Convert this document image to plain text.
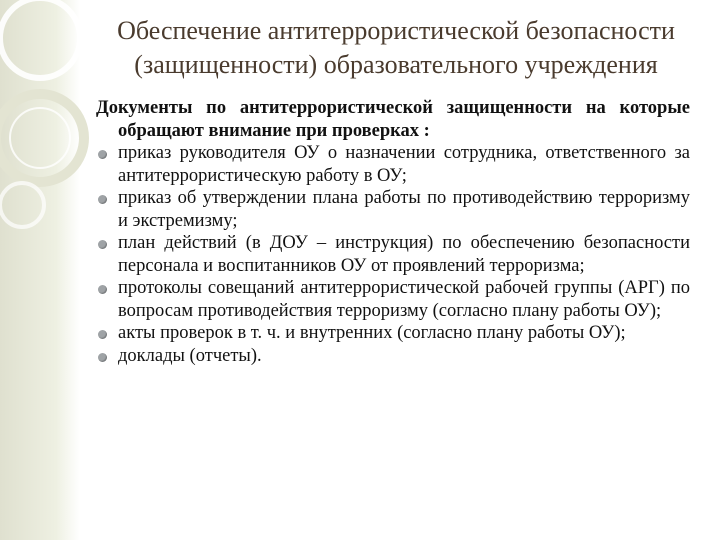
Обеспечение антитеррористической безопасности
(защищенности) образовательного учреждения
Документы по антитеррористической защищенности на которые обращают внимание при проверках :
приказ руководителя ОУ о назначении сотрудника, ответственного за антитеррористическую работу в ОУ;
приказ об утверждении плана работы по противодействию терроризму и экстремизму;
план действий (в ДОУ – инструкция) по обеспечению безопасности персонала и воспитанников ОУ от проявлений терроризма;
протоколы совещаний антитеррористической рабочей группы (АРГ) по вопросам противодействия терроризму (согласно плану работы ОУ);
акты проверок в т. ч. и внутренних (согласно плану работы ОУ);
доклады (отчеты).
